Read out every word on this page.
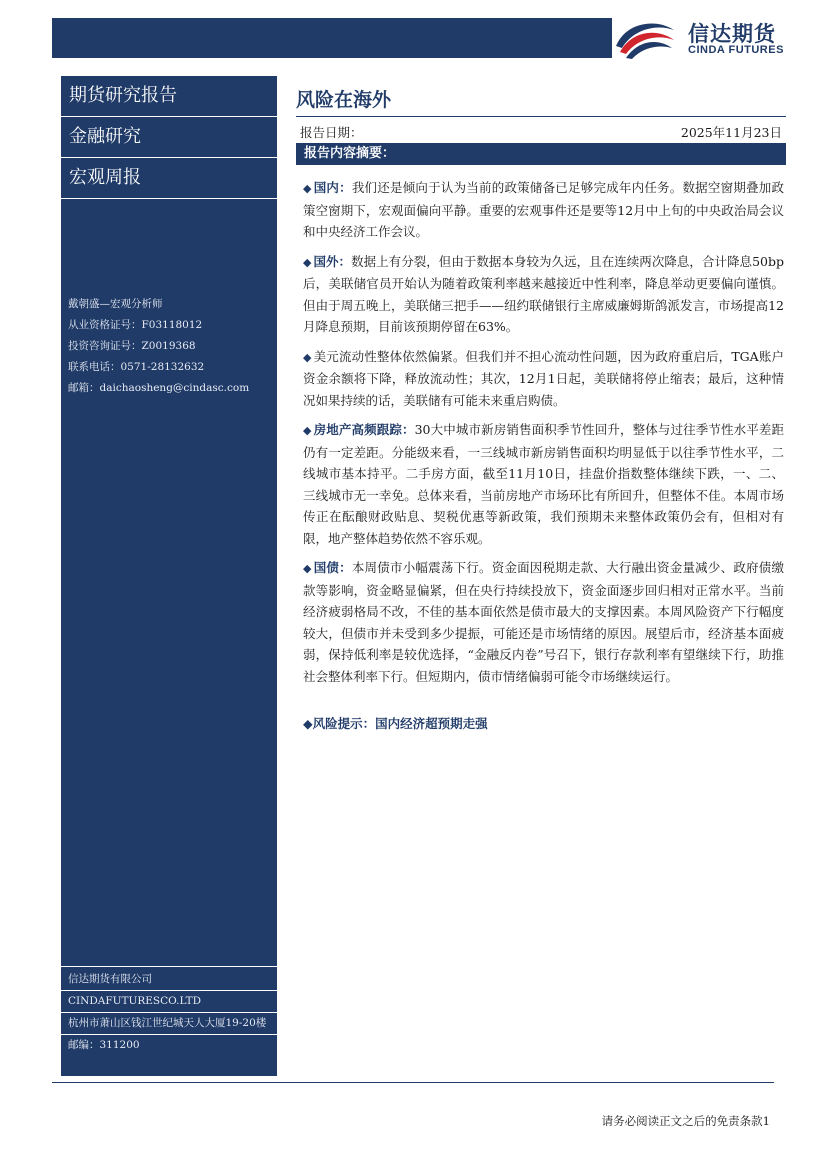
信达期货
CINDA FUTURES
期货研究报告
金融研究
宏观周报
戴朝盛—宏观分析师
从业资格证号：F03118012
投资咨询证号：Z0019368
联系电话：0571-28132632
邮箱：daichaosheng@cindasc.com
信达期货有限公司
CINDAFUTURESCO.LTD
杭州市萧山区钱江世纪城天人大厦19-20楼
邮编：311200
风险在海外
报告日期：	2025年11月23日
报告内容摘要：

◆ 国内：我们还是倾向于认为当前的政策储备已足够完成年内任务。数据空窗期叠加政策空窗期下，宏观面偏向平静。重要的宏观事件还是要等12月中上旬的中央政治局会议和中央经济工作会议。

◆ 国外：数据上有分裂，但由于数据本身较为久远，且在连续两次降息，合计降息50bp后，美联储官员开始认为随着政策利率越来越接近中性利率，降息举动更要偏向谨慎。但由于周五晚上，美联储三把手——纽约联储银行主席威廉姆斯鸽派发言，市场提高12月降息预期，目前该预期停留在63%。

◆ 美元流动性整体依然偏紧。但我们并不担心流动性问题，因为政府重启后，TGA账户资金余额将下降，释放流动性；其次，12月1日起，美联储将停止缩表；最后，这种情况如果持续的话，美联储有可能未来重启购债。

◆ 房地产高频跟踪：30大中城市新房销售面积季节性回升，整体与过往季节性水平差距仍有一定差距。分能级来看，一三线城市新房销售面积均明显低于以往季节性水平，二线城市基本持平。二手房方面，截至11月10日，挂盘价指数整体继续下跌，一、二、三线城市无一幸免。总体来看，当前房地产市场环比有所回升，但整体不佳。本周市场传正在酝酿财政贴息、契税优惠等新政策，我们预期未来整体政策仍会有，但相对有限，地产整体趋势依然不容乐观。

◆ 国债：本周债市小幅震荡下行。资金面因税期走款、大行融出资金量减少、政府债缴款等影响，资金略显偏紧，但在央行持续投放下，资金面逐步回归相对正常水平。当前经济疲弱格局不改，不佳的基本面依然是债市最大的支撑因素。本周风险资产下行幅度较大，但债市并未受到多少提振，可能还是市场情绪的原因。展望后市，经济基本面疲弱，保持低利率是较优选择，“金融反内卷”号召下，银行存款利率有望继续下行，助推社会整体利率下行。但短期内，债市情绪偏弱可能令市场继续运行。

◆风险提示：国内经济超预期走强
请务必阅读正文之后的免责条款1
